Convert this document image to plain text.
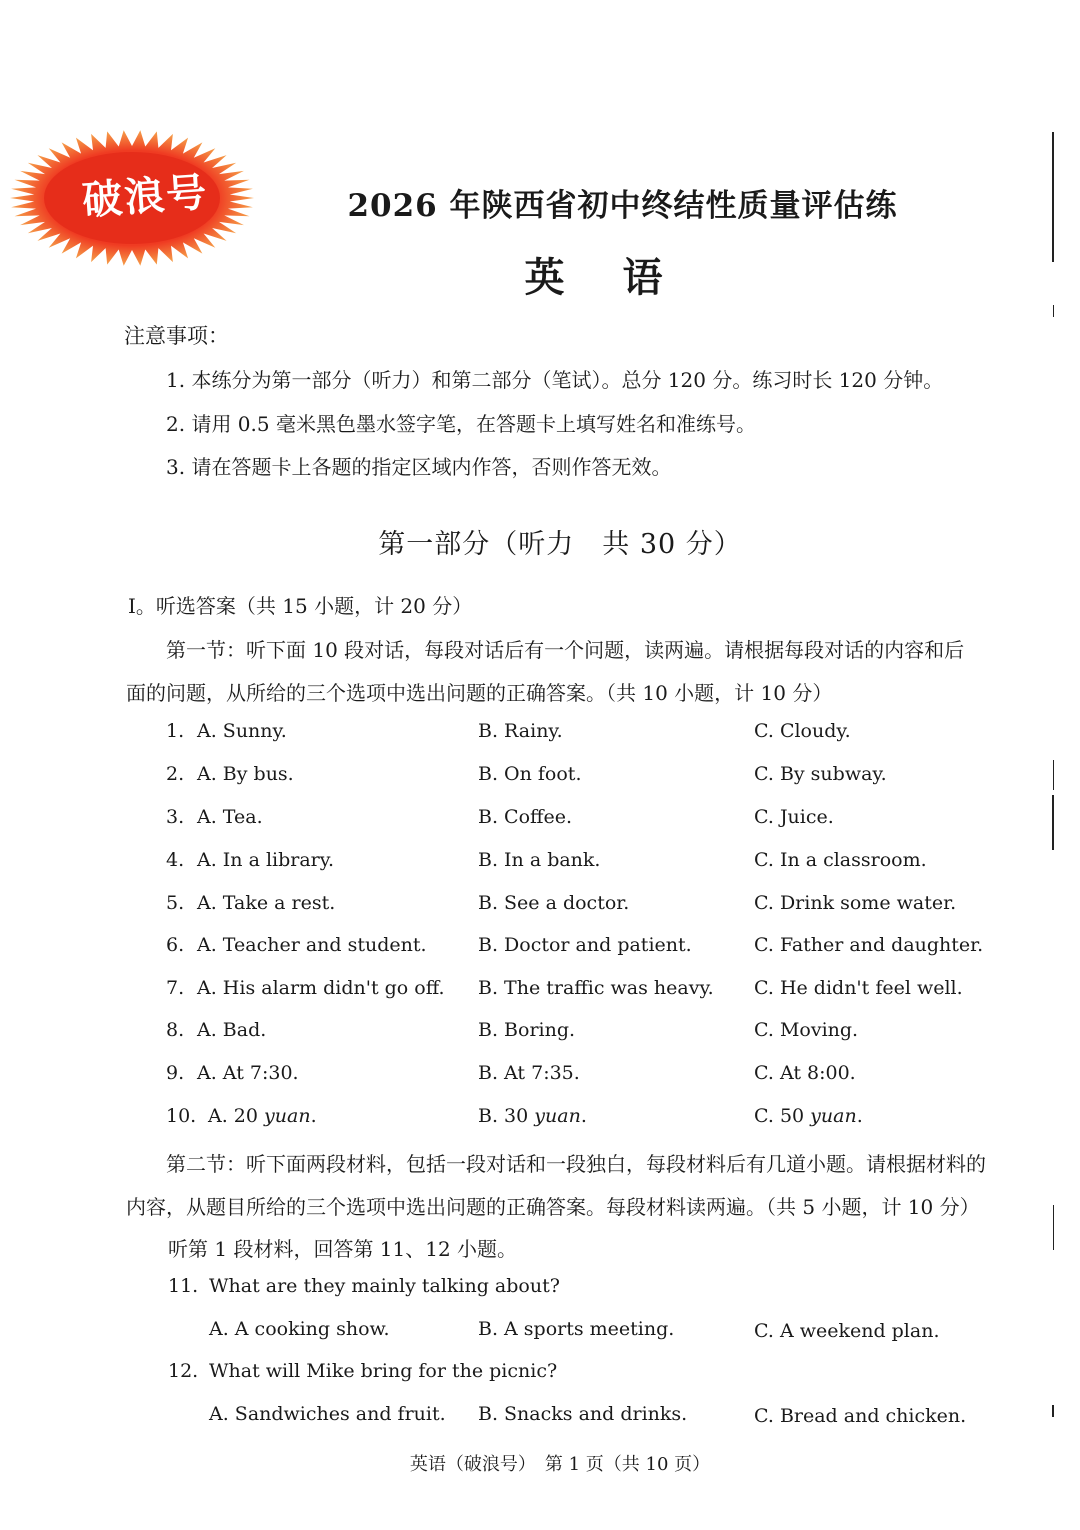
破浪号	2026 年陕西省初中终结性质量评估练
英语
注意事项：
1. 本练分为第一部分（听力）和第二部分（笔试）。总分 120 分。练习时长 120 分钟。
2. 请用 0.5 毫米黑色墨水签字笔，在答题卡上填写姓名和准练号。
3. 请在答题卡上各题的指定区域内作答，否则作答无效。
第一部分（听力　共 30 分）
Ⅰ。听选答案（共 15 小题，计 20 分）
第一节：听下面 10 段对话，每段对话后有一个问题，读两遍。请根据每段对话的内容和后
面的问题，从所给的三个选项中选出问题的正确答案。（共 10 小题，计 10 分）
1. A. Sunny.	B. Rainy.	C. Cloudy.
2. A. By bus.	B. On foot.	C. By subway.
3. A. Tea.	B. Coffee.	C. Juice.
4. A. In a library.	B. In a bank.	C. In a classroom.
5. A. Take a rest.	B. See a doctor.	C. Drink some water.
6. A. Teacher and student.	B. Doctor and patient.	C. Father and daughter.
7. A. His alarm didn't go off. B. The traffic was heavy. C. He didn't feel well.
8. A. Bad.	B. Boring.	C. Moving.
9. A. At 7:30.	B. At 7:35.	C. At 8:00.
10. A. 20 yuan.	B. 30 yuan.	C. 50 yuan.
第二节：听下面两段材料，包括一段对话和一段独白，每段材料后有几道小题。请根据材料的
内容，从题目所给的三个选项中选出问题的正确答案。每段材料读两遍。（共 5 小题，计 10 分）
听第 1 段材料，回答第 11、12 小题。
11. What are they mainly talking about?
A. A cooking show.	B. A sports meeting.	C. A weekend plan.
12. What will Mike bring for the picnic?
A. Sandwiches and fruit. B. Snacks and drinks.	C. Bread and chicken.
英语（破浪号）　第 1 页（共 10 页）
